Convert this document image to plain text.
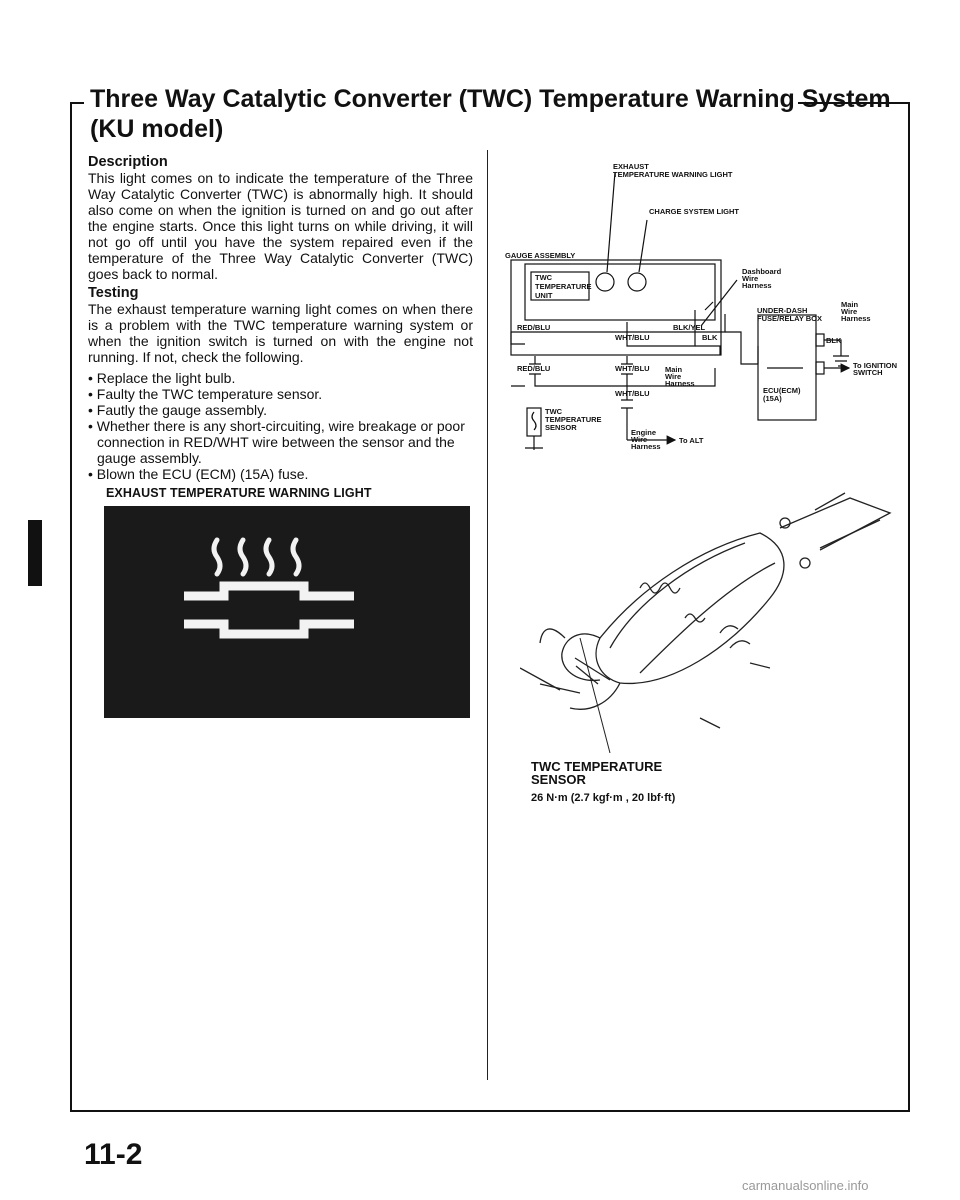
Three Way Catalytic Converter (TWC) Temperature Warning System
(KU model)
Description

This light comes on to indicate the temperature of the Three Way Catalytic Converter (TWC) is abnormally high. It should also come on when the ignition is turned on and go out after the engine starts. Once this light turns on while driving, it will not go off until you have the system repaired even if the temperature of the Three Way Catalytic Converter (TWC) goes back to normal.

Testing

The exhaust temperature warning light comes on when there is a problem with the TWC temperature warning system or when the ignition switch is turned on with the engine not running. If not, check the following.

• Replace the light bulb.
• Faulty the TWC temperature sensor.
• Fautly the gauge assembly.
• Whether there is any short-circuiting, wire breakage or poor connection in RED/WHT wire between the sensor and the gauge assembly.
• Blown the ECU (ECM) (15A) fuse.
EXHAUST TEMPERATURE WARNING LIGHT
EXHAUST
TEMPERATURE WARNING LIGHT
CHARGE SYSTEM LIGHT
GAUGE ASSEMBLY
TWC
TEMPERATURE
UNIT
Dashboard
Wire
Harness
UNDER-DASH
FUSE/RELAY BOX
Main
Wire
Harness
RED/BLU	BLK/YEL
WHT/BLU	BLK	BLK
RED/BLU	WHT/BLU Main
Wire
Harness
WHT/BLU
To IGNITION
SWITCH
ECU(ECM)
(15A)
TWC
TEMPERATURE
SENSOR
To ALT
Engine
Wire
Harness
TWC TEMPERATURE
SENSOR
26 N·m (2.7 kgf·m , 20 lbf·ft)
11-2
carmanualsonline.info
